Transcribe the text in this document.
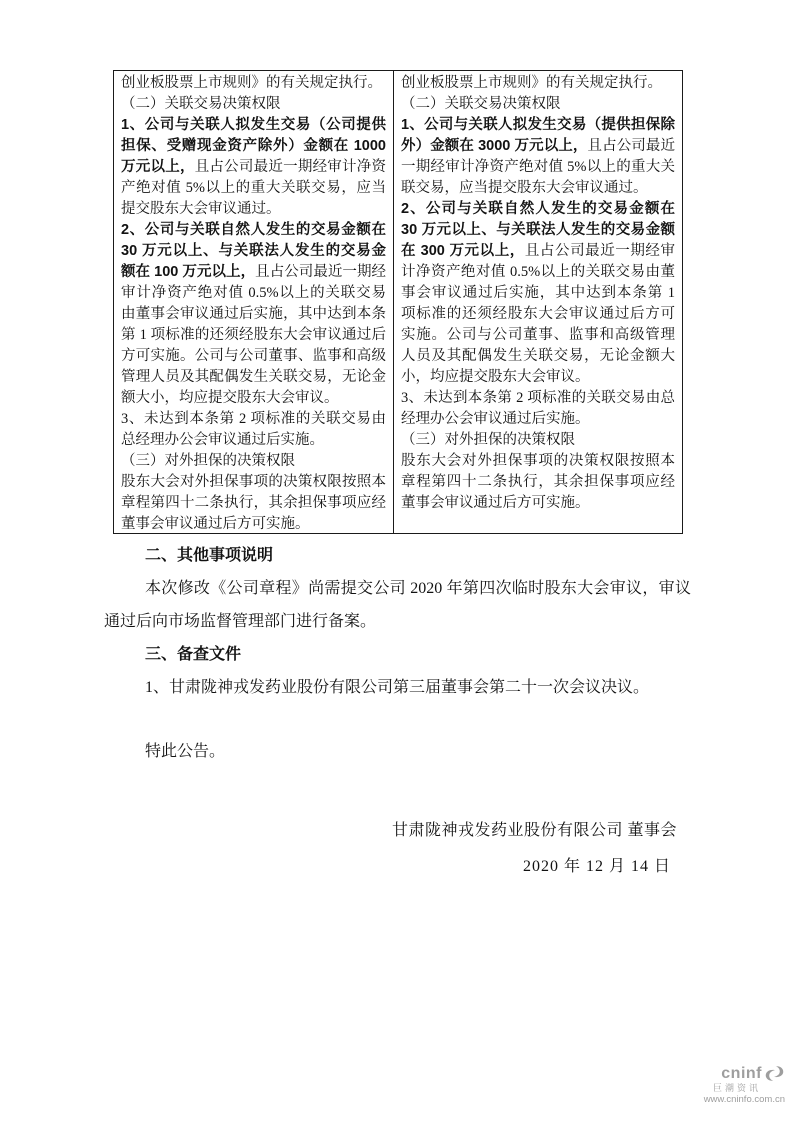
创业板股票上市规则》的有关规定执行。

（二）关联交易决策权限

1、公司与关联人拟发生交易（公司提供担保、受赠现金资产除外）金额在 1000 万元以上，且占公司最近一期经审计净资产绝对值 5%以上的重大关联交易，应当提交股东大会审议通过。

2、公司与关联自然人发生的交易金额在 30 万元以上、与关联法人发生的交易金额在 100 万元以上，且占公司最近一期经审计净资产绝对值 0.5%以上的关联交易由董事会审议通过后实施，其中达到本条第 1 项标准的还须经股东大会审议通过后方可实施。公司与公司董事、监事和高级管理人员及其配偶发生关联交易，无论金额大小，均应提交股东大会审议。

3、未达到本条第 2 项标准的关联交易由总经理办公会审议通过后实施。

（三）对外担保的决策权限

股东大会对外担保事项的决策权限按照本章程第四十二条执行，其余担保事项应经董事会审议通过后方可实施。

创业板股票上市规则》的有关规定执行。

（二）关联交易决策权限

1、公司与关联人拟发生交易（提供担保除外）金额在 3000 万元以上，且占公司最近一期经审计净资产绝对值 5%以上的重大关联交易，应当提交股东大会审议通过。

2、公司与关联自然人发生的交易金额在 30 万元以上、与关联法人发生的交易金额在 300 万元以上，且占公司最近一期经审计净资产绝对值 0.5%以上的关联交易由董事会审议通过后实施，其中达到本条第 1 项标准的还须经股东大会审议通过后方可实施。公司与公司董事、监事和高级管理人员及其配偶发生关联交易，无论金额大小，均应提交股东大会审议。

3、未达到本条第 2 项标准的关联交易由总经理办公会审议通过后实施。

（三）对外担保的决策权限

股东大会对外担保事项的决策权限按照本章程第四十二条执行，其余担保事项应经董事会审议通过后方可实施。

二、其他事项说明

本次修改《公司章程》尚需提交公司 2020 年第四次临时股东大会审议，审议通过后向市场监督管理部门进行备案。

三、备查文件

1、甘肃陇神戎发药业股份有限公司第三届董事会第二十一次会议决议。

特此公告。

甘肃陇神戎发药业股份有限公司 董事会
2020 年 12 月 14 日
cninf
巨潮资讯
www.cninfo.com.cn
